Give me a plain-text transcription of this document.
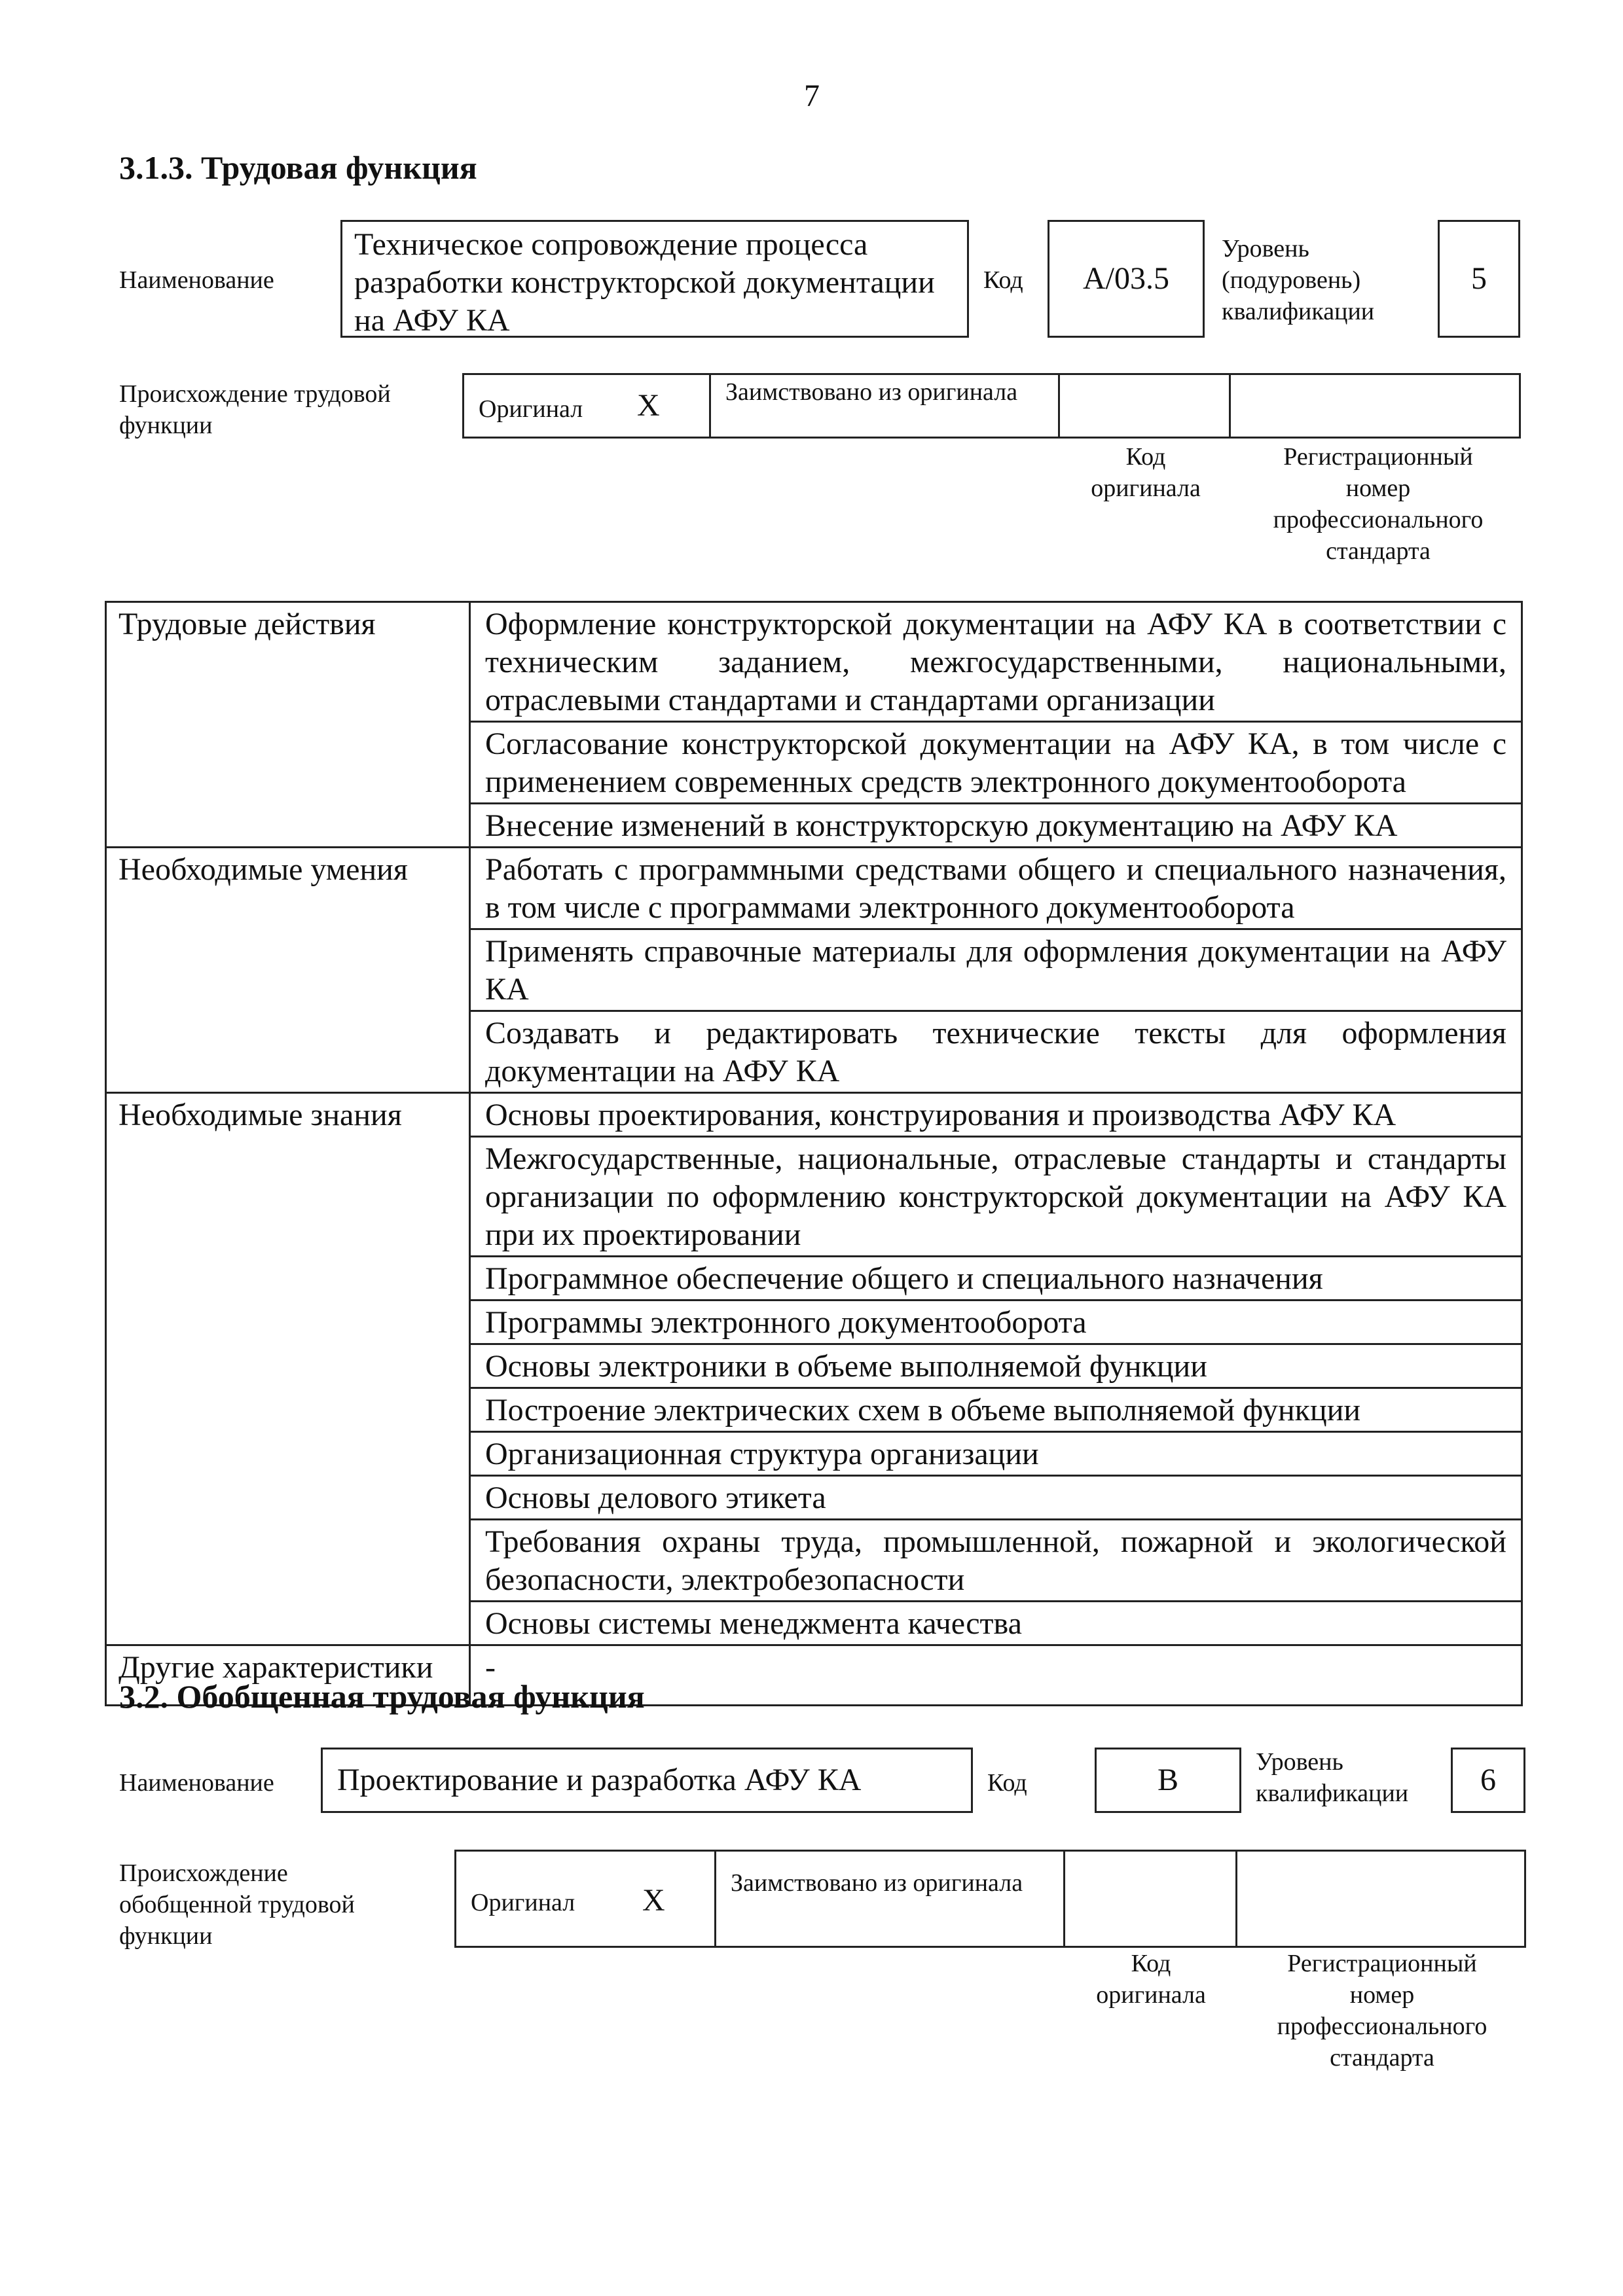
7
3.1.3. Трудовая функция
Наименование
Техническое сопровождение процесса разработки конструкторской документации на АФУ КА
Код А/03.5
Уровень (подуровень) квалификации
5
Происхождение трудовой функции
Оригинал X	Заимствовано из оригинала
Код оригинала
Регистрационный номер профессионального стандарта
Трудовые действия	Оформление конструкторской документации на АФУ КА в соответствии с техническим заданием, межгосударственными, национальными, отраслевыми стандартами и стандартами организации
	Согласование конструкторской документации на АФУ КА, в том числе с применением современных средств электронного документооборота
	Внесение изменений в конструкторскую документацию на АФУ КА
Необходимые умения	Работать с программными средствами общего и специального назначения, в том числе с программами электронного документооборота
	Применять справочные материалы для оформления документации на АФУ КА
	Создавать и редактировать технические тексты для оформления документации на АФУ КА
Необходимые знания	Основы проектирования, конструирования и производства АФУ КА
	Межгосударственные, национальные, отраслевые стандарты и стандарты организации по оформлению конструкторской документации на АФУ КА при их проектировании
	Программное обеспечение общего и специального назначения
	Программы электронного документооборота
	Основы электроники в объеме выполняемой функции
	Построение электрических схем в объеме выполняемой функции
	Организационная структура организации
	Основы делового этикета
	Требования охраны труда, промышленной, пожарной и экологической безопасности, электробезопасности
	Основы системы менеджмента качества
Другие характеристики	-
3.2. Обобщенная трудовая функция
Наименование Проектирование и разработка АФУ КА	Код	В
Уровень квалификации	6
Происхождение обобщенной трудовой функции
Оригинал X	Заимствовано из оригинала
Код оригинала
Регистрационный номер профессионального стандарта
